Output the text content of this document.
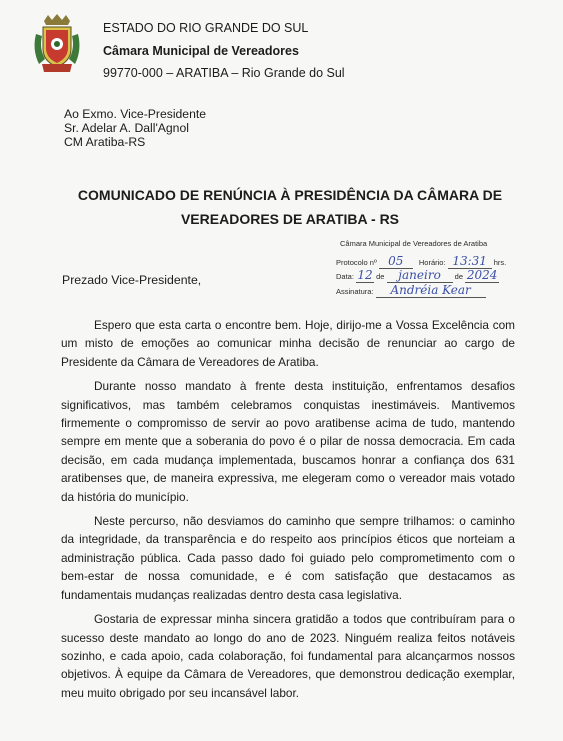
ESTADO DO RIO GRANDE DO SUL
Câmara Municipal de Vereadores
99770-000 – ARATIBA – Rio Grande do Sul
Ao Exmo. Vice-Presidente
Sr. Adelar A. Dall'Agnol
CM Aratiba-RS
COMUNICADO DE RENÚNCIA À PRESIDÊNCIA DA CÂMARA DE
VEREADORES DE ARATIBA - RS
Câmara Municipal de Vereadores de Aratiba
Protocolo nº 05 Horário: 13:31 hrs.
Data: 12 de janeiro de 2024
Assinatura: Andréia Kear
Prezado Vice-Presidente,

Espero que esta carta o encontre bem. Hoje, dirijo-me a Vossa Excelência com um misto de emoções ao comunicar minha decisão de renunciar ao cargo de Presidente da Câmara de Vereadores de Aratiba.

Durante nosso mandato à frente desta instituição, enfrentamos desafios significativos, mas também celebramos conquistas inestimáveis. Mantivemos firmemente o compromisso de servir ao povo aratibense acima de tudo, mantendo sempre em mente que a soberania do povo é o pilar de nossa democracia. Em cada decisão, em cada mudança implementada, buscamos honrar a confiança dos 631 aratibenses que, de maneira expressiva, me elegeram como o vereador mais votado da história do município.

Neste percurso, não desviamos do caminho que sempre trilhamos: o caminho da integridade, da transparência e do respeito aos princípios éticos que norteiam a administração pública. Cada passo dado foi guiado pelo comprometimento com o bem-estar de nossa comunidade, e é com satisfação que destacamos as fundamentais mudanças realizadas dentro desta casa legislativa.

Gostaria de expressar minha sincera gratidão a todos que contribuíram para o sucesso deste mandato ao longo do ano de 2023. Ninguém realiza feitos notáveis sozinho, e cada apoio, cada colaboração, foi fundamental para alcançarmos nossos objetivos. À equipe da Câmara de Vereadores, que demonstrou dedicação exemplar, meu muito obrigado por seu incansável labor.
